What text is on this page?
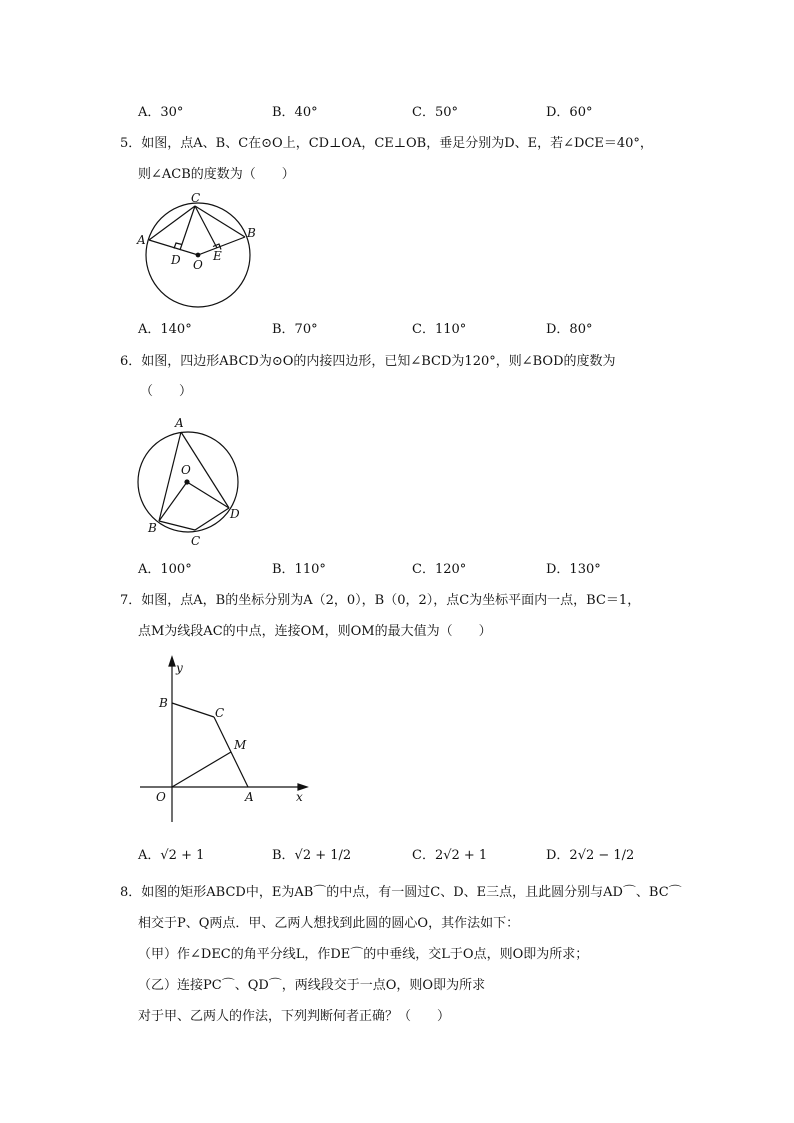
A．30°	B．40°	C．50°	D．60°
5．如图，点A、B、C在⊙O上，CD⊥OA，CE⊥OB，垂足分别为D、E，若∠DCE＝40°，
则∠ACB的度数为（　　）
C
A	B
D O
E
A．140°	B．70°	C．110°	D．80°
6．如图，四边形ABCD为⊙O的内接四边形，已知∠BCD为120°，则∠BOD的度数为
（　　）
A
O
B
D
C
A．100°	B．110°	C．120°	D．130°
7．如图，点A，B的坐标分别为A（2，0），B（0，2），点C为坐标平面内一点，BC＝1，
点M为线段AC的中点，连接OM，则OM的最大值为（　　）
y
B
C
M
O	A	x
A．√2 + 1	B．√2 + 1/2	C．2√2 + 1	D．2√2 − 1/2
8．如图的矩形ABCD中，E为AB⌒的中点，有一圆过C、D、E三点，且此圆分别与AD⌒、BC⌒
相交于P、Q两点．甲、乙两人想找到此圆的圆心O，其作法如下：
（甲）作∠DEC的角平分线L，作DE⌒的中垂线，交L于O点，则O即为所求；
（乙）连接PC⌒、QD⌒，两线段交于一点O，则O即为所求
对于甲、乙两人的作法，下列判断何者正确？（　　）
